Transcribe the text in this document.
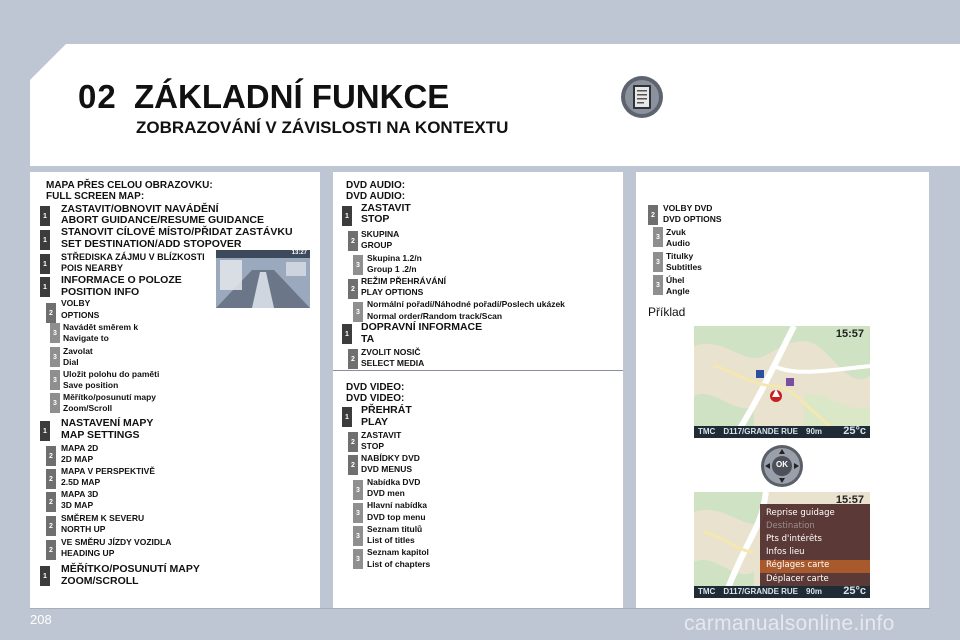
02 ZÁKLADNÍ FUNKCE
ZOBRAZOVÁNÍ V ZÁVISLOSTI NA KONTEXTU
MAPA PŘES CELOU OBRAZOVKU:
FULL SCREEN MAP:
1
ZASTAVIT/OBNOVIT NAVÁDĚNÍ
ABORT GUIDANCE/RESUME GUIDANCE
1
STANOVIT CÍLOVÉ MÍSTO/PŘIDAT ZASTÁVKU
SET DESTINATION/ADD STOPOVER
1
STŘEDISKA ZÁJMU V BLÍZKOSTI
POIS NEARBY
1
INFORMACE O POLOZE
POSITION INFO
2
VOLBY
OPTIONS
3
Navádět směrem k
Navigate to
3
Zavolat
Dial
3
Uložit polohu do paměti
Save position
3
Měřítko/posunutí mapy
Zoom/Scroll
1
NASTAVENÍ MAPY
MAP SETTINGS
2
MAPA 2D
2D MAP
2
MAPA V PERSPEKTIVĚ
2.5D MAP
2
MAPA 3D
3D MAP
2
SMĚREM K SEVERU
NORTH UP
2
VE SMĚRU JÍZDY VOZIDLA
HEADING UP
1
MĚŘÍTKO/POSUNUTÍ MAPY
ZOOM/SCROLL
13:27
DVD AUDIO:
DVD AUDIO:
1
ZASTAVIT
STOP
2
SKUPINA
GROUP
3
Skupina 1.2/n
Group 1 .2/n
2
REŽIM PŘEHRÁVÁNÍ
PLAY OPTIONS
3
Normální pořadí/Náhodné pořadí/Poslech ukázek
Normal order/Random track/Scan
1
DOPRAVNÍ INFORMACE
TA
2
ZVOLIT NOSIČ
SELECT MEDIA
DVD VIDEO:
DVD VIDEO:
1
PŘEHRÁT
PLAY
2
ZASTAVIT
STOP
2
NABÍDKY DVD
DVD MENUS
3
Nabídka DVD
DVD men
3
Hlavní nabídka
DVD top menu
3
Seznam titulů
List of titles
3
Seznam kapitol
List of chapters
2
VOLBY DVD
DVD OPTIONS
3 Zvuk
Audio
3
Titulky
Subtitles
3 Úhel
Angle
Příklad
15:57
TMC D117/GRANDE RUE 90m	25°c
OK
Reprise guidage
Destination
Pts d'intérêts
Infos lieu
Réglages carte
Déplacer carte
15:57
TMC D117/GRANDE RUE 90m	25°c
208	carmanualsonline.info
